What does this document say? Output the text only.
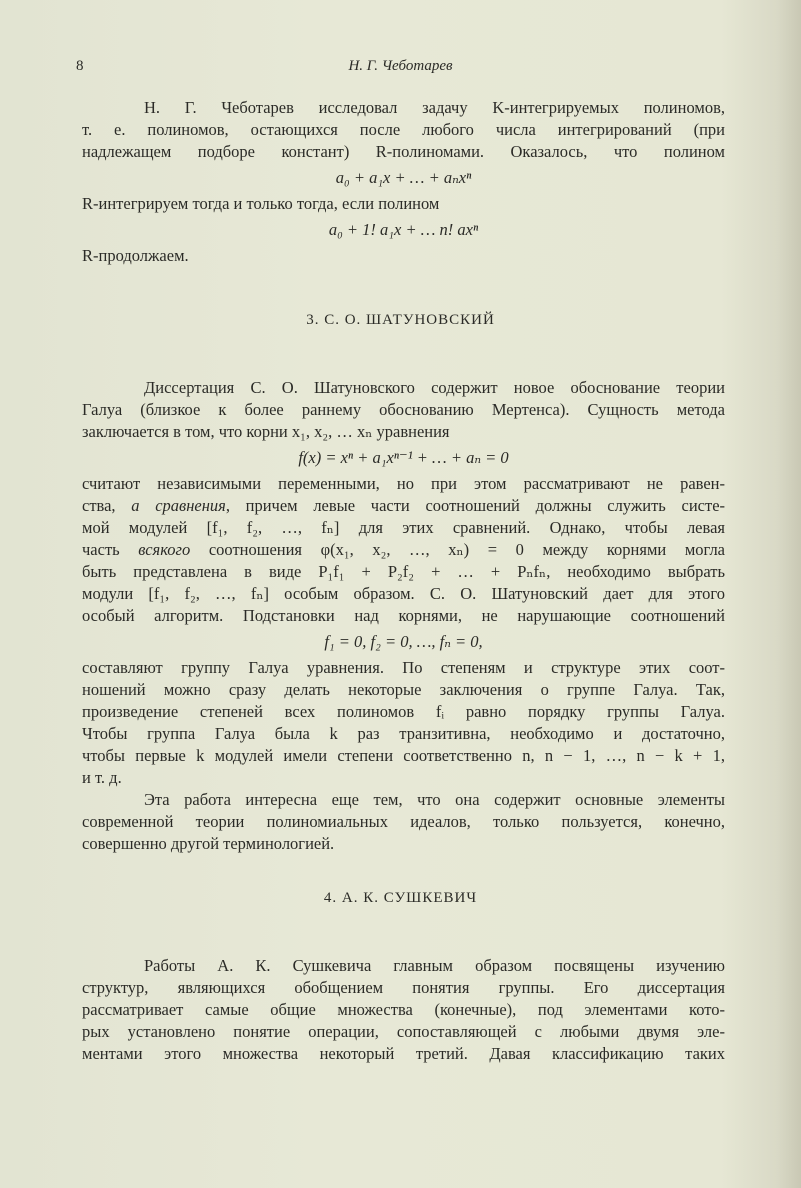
8	Н. Г. Чеботарев
Н. Г. Чеботарев исследовал задачу K-интегрируемых полиномов,
т. е. полиномов, остающихся после любого числа интегрирований (при
надлежащем подборе констант) R-полиномами. Оказалось, что полином
a₀ + a₁x + … + aₙxⁿ
R-интегрируем тогда и только тогда, если полином
a₀ + 1! a₁x + … n! axⁿ
R-продолжаем.
3. С. О. ШАТУНОВСКИЙ
Диссертация С. О. Шатуновского содержит новое обоснование теории
Галуа (близкое к более раннему обоснованию Мертенса). Сущность метода
заключается в том, что корни x₁, x₂, … xₙ уравнения
f(x) = xⁿ + a₁xⁿ⁻¹ + … + aₙ = 0
считают независимыми переменными, но при этом рассматривают не равен-
ства, а сравнения, причем левые части соотношений должны служить систе-
мой модулей [f₁, f₂, …, fₙ] для этих сравнений. Однако, чтобы левая
часть всякого соотношения φ(x₁, x₂, …, xₙ) = 0 между корнями могла
быть представлена в виде P₁f₁ + P₂f₂ + … + Pₙfₙ, необходимо выбрать
модули [f₁, f₂, …, fₙ] особым образом. С. О. Шатуновский дает для этого
особый алгоритм. Подстановки над корнями, не нарушающие соотношений
f₁ = 0, f₂ = 0, …, fₙ = 0,
составляют группу Галуа уравнения. По степеням и структуре этих соот-
ношений можно сразу делать некоторые заключения о группе Галуа. Так,
произведение степеней всех полиномов fᵢ равно порядку группы Галуа.
Чтобы группа Галуа была k раз транзитивна, необходимо и достаточно,
чтобы первые k модулей имели степени соответственно n, n − 1, …, n − k + 1,
и т. д.
Эта работа интересна еще тем, что она содержит основные элементы
современной теории полиномиальных идеалов, только пользуется, конечно,
совершенно другой терминологией.
4. А. К. СУШКЕВИЧ
Работы А. К. Сушкевича главным образом посвящены изучению
структур, являющихся обобщением понятия группы. Его диссертация
рассматривает самые общие множества (конечные), под элементами кото-
рых установлено понятие операции, сопоставляющей с любыми двумя эле-
ментами этого множества некоторый третий. Давая классификацию таких
